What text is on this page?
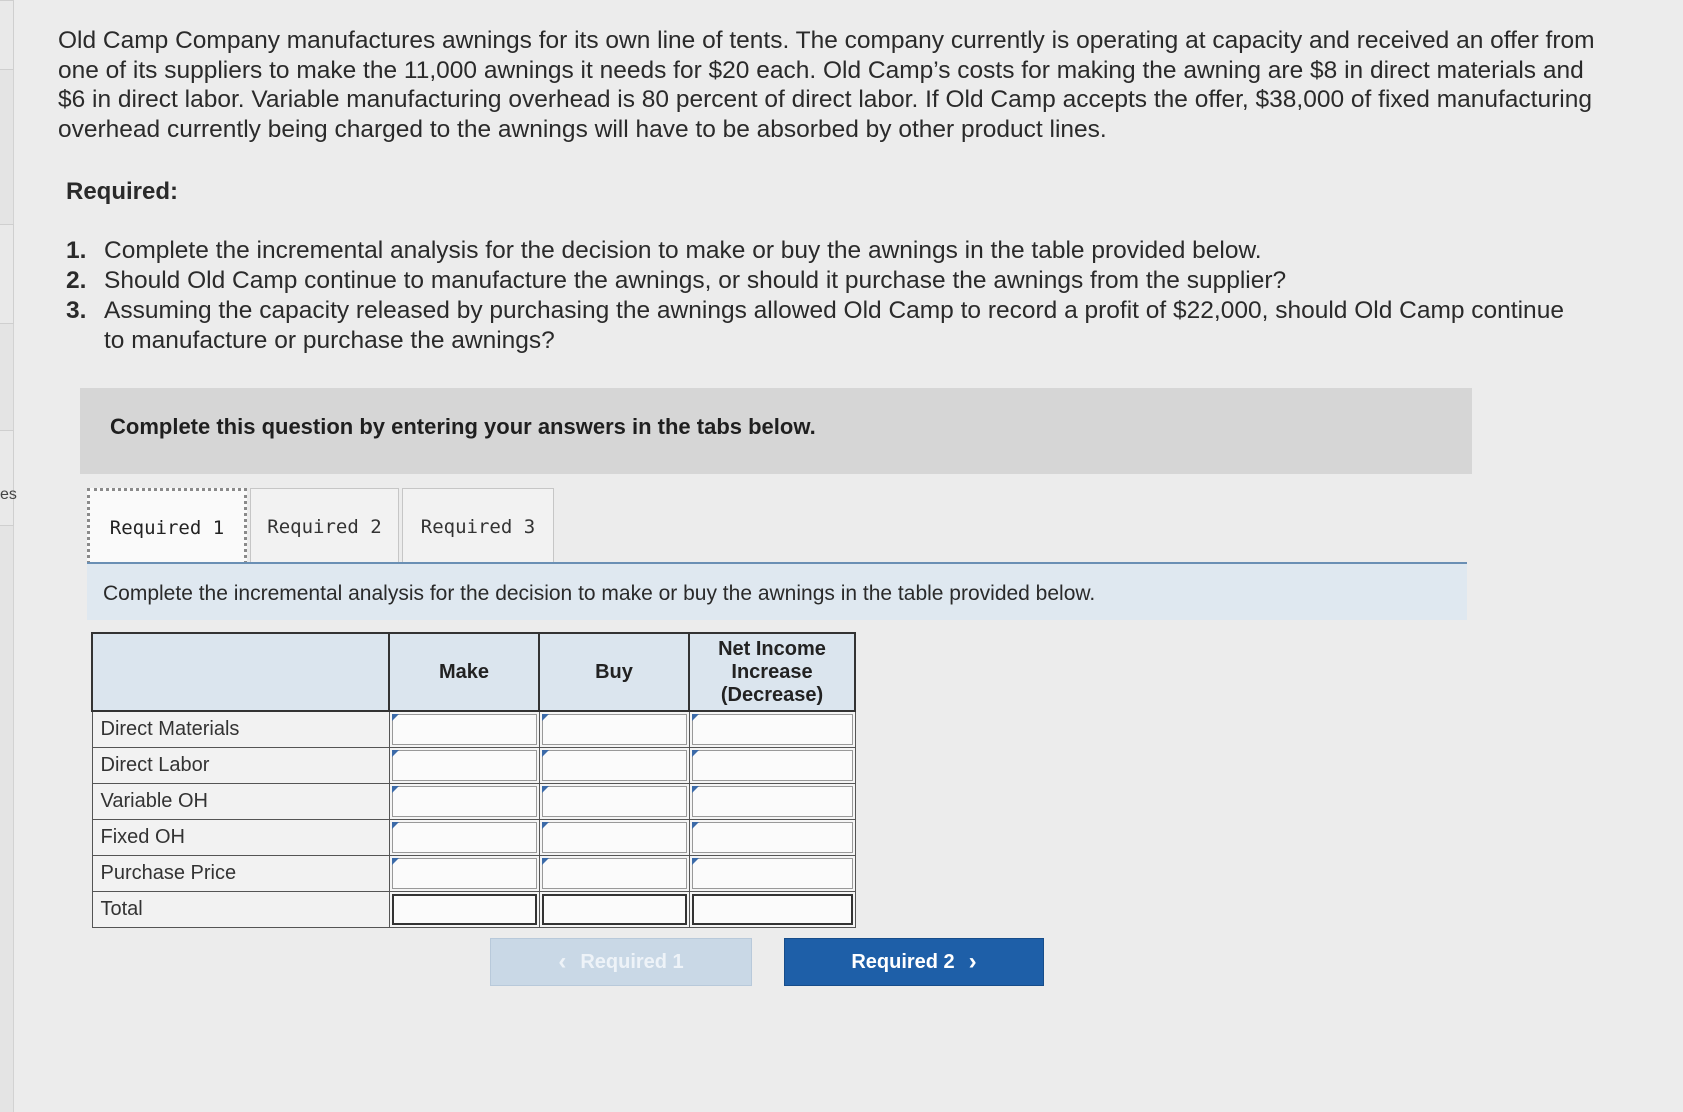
es

Old Camp Company manufactures awnings for its own line of tents. The company currently is operating at capacity and received an offer from one of its suppliers to make the 11,000 awnings it needs for $20 each. Old Camp’s costs for making the awning are $8 in direct materials and $6 in direct labor. Variable manufacturing overhead is 80 percent of direct labor. If Old Camp accepts the offer, $38,000 of fixed manufacturing overhead currently being charged to the awnings will have to be absorbed by other product lines.

Required:
1. Complete the incremental analysis for the decision to make or buy the awnings in the table provided below.
2. Should Old Camp continue to manufacture the awnings, or should it purchase the awnings from the supplier?
3. Assuming the capacity released by purchasing the awnings allowed Old Camp to record a profit of $22,000, should Old Camp continue to manufacture or purchase the awnings?
Complete this question by entering your answers in the tabs below.
Required 1	Required 2	Required 3
Complete the incremental analysis for the decision to make or buy the awnings in the table provided below.
	Make	Buy	Net Income
Increase
(Decrease)

Direct Materials	

Direct Labor	

Variable OH	

Fixed OH	

Purchase Price	

Total			
‹ Required 1	Required 2 ›
